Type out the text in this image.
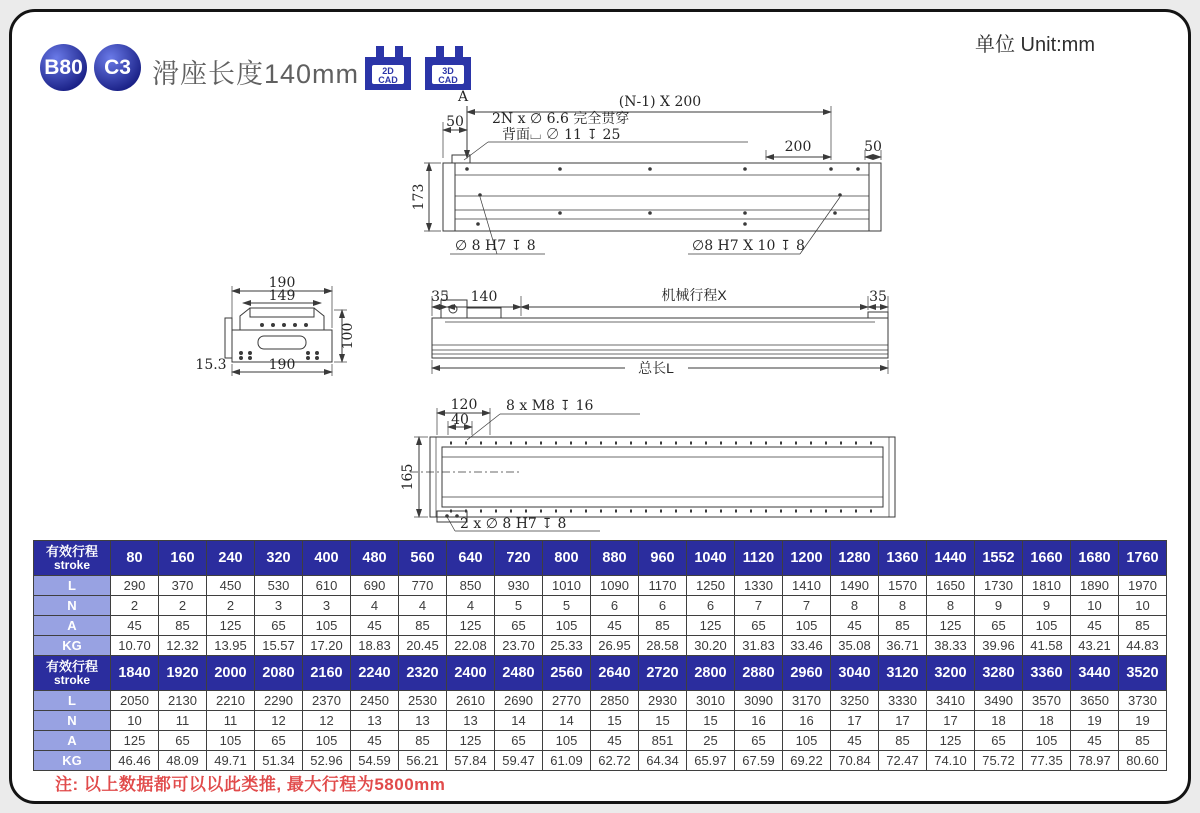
B80	C3 滑座长度140mm
单位 Unit:mm
2D
CAD
3D
CAD
A	(N-1) X 200
50 2N x ∅ 6.6 完全贯穿
背面⌴ ∅ 11 ↧ 25
200	50
173
∅ 8 H7 ↧ 8	∅8 H7 X 10 ↧ 8
190
149
100
15.3	190
35 140	机械行程X	35
总长L
120
40
8 x M8 ↧ 16
165
2 x ∅ 8 H7 ↧ 8
有效行程
stroke	80	160	240	320	400	480	560	640	720	800	880	960	1040	1120	1200	1280	1360	1440	1552	1660	1680	1760
L	290	370	450	530	610	690	770	850	930	1010	1090	1170	1250	1330	1410	1490	1570	1650	1730	1810	1890	1970
N	2	2	2	3	3	4	4	4	5	5	6	6	6	7	7	8	8	8	9	9	10	10
A	45	85	125	65	105	45	85	125	65	105	45	85	125	65	105	45	85	125	65	105	45	85
KG	10.70	12.32	13.95	15.57	17.20	18.83	20.45	22.08	23.70	25.33	26.95	28.58	30.20	31.83	33.46	35.08	36.71	38.33	39.96	41.58	43.21	44.83

有效行程
stroke	1840	1920	2000	2080	2160	2240	2320	2400	2480	2560	2640	2720	2800	2880	2960	3040	3120	3200	3280	3360	3440	3520
L	2050	2130	2210	2290	2370	2450	2530	2610	2690	2770	2850	2930	3010	3090	3170	3250	3330	3410	3490	3570	3650	3730
N	10	11	11	12	12	13	13	13	14	14	15	15	15	16	16	17	17	17	18	18	19	19
A	125	65	105	65	105	45	85	125	65	105	45	851	25	65	105	45	85	125	65	105	45	85
KG	46.46	48.09	49.71	51.34	52.96	54.59	56.21	57.84	59.47	61.09	62.72	64.34	65.97	67.59	69.22	70.84	72.47	74.10	75.72	77.35	78.97	80.60
注: 以上数据都可以以此类推, 最大行程为5800mm
